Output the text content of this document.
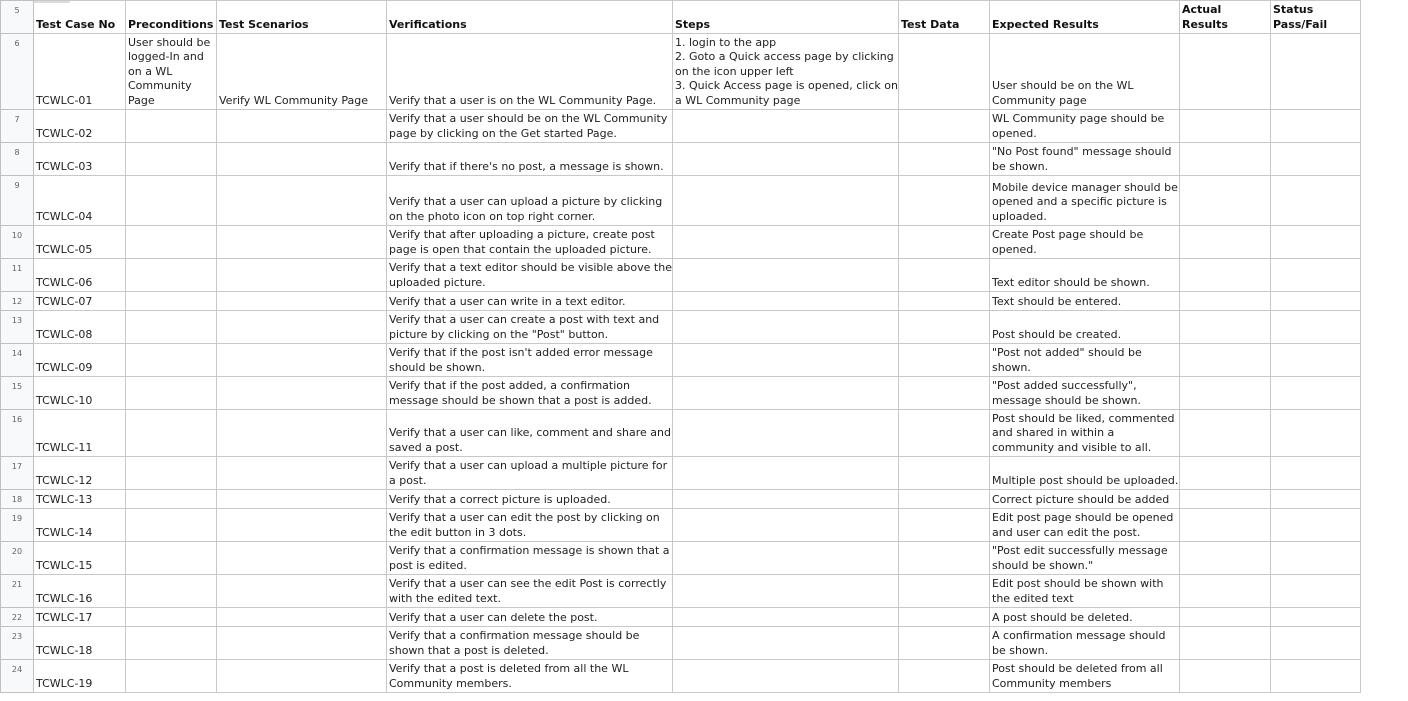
5	Test Case No	Preconditions	Test Scenarios	Verifications	Steps	Test Data	Expected Results	Actual Results	Status Pass/Fail
6	TCWLC-01	User should be logged-In and on a WL Community Page	Verify WL Community Page	Verify that a user is on the WL Community Page.	1. login to the app
2. Goto a Quick access page by clicking on the icon upper left
3. Quick Access page is opened, click on a WL Community page		User should be on the WL Community page		
7	TCWLC-02			Verify that a user should be on the WL Community page by clicking on the Get started Page.			WL Community page should be opened.		
8	TCWLC-03			Verify that if there's no post, a message is shown.			"No Post found" message should be shown.		
9	TCWLC-04			Verify that a user can upload a picture by clicking on the photo icon on top right corner.			Mobile device manager should be opened and a specific picture is uploaded.		
10	TCWLC-05			Verify that after uploading a picture, create post page is open that contain the uploaded picture.			Create Post page should be opened.		
11	TCWLC-06			Verify that a text editor should be visible above the uploaded picture.			Text editor should be shown.		
12	TCWLC-07			Verify that a user can write in a text editor.			Text should be entered.		
13	TCWLC-08			Verify that a user can create a post with text and picture by clicking on the "Post" button.			Post should be created.		
14	TCWLC-09			Verify that if the post isn't added error message should be shown.			"Post not added" should be shown.		
15	TCWLC-10			Verify that if the post added, a confirmation message should be shown that a post is added.			"Post added successfully", message should be shown.		
16	TCWLC-11			Verify that a user can like, comment and share and saved a post.			Post should be liked, commented and shared in within a community and visible to all.		
17	TCWLC-12			Verify that a user can upload a multiple picture for a post.			Multiple post should be uploaded.		
18	TCWLC-13			Verify that a correct picture is uploaded.			Correct picture should be added		
19	TCWLC-14			Verify that a user can edit the post by clicking on the edit button in 3 dots.			Edit post page should be opened and user can edit the post.		
20	TCWLC-15			Verify that a confirmation message is shown that a post is edited.			"Post edit successfully message should be shown."		
21	TCWLC-16			Verify that a user can see the edit Post is correctly with the edited text.			Edit post should be shown with the edited text		
22	TCWLC-17			Verify that a user can delete the post.			A post should be deleted.		
23	TCWLC-18			Verify that a confirmation message should be shown that a post is deleted.			A confirmation message should be shown.		
24	TCWLC-19			Verify that a post is deleted from all the WL Community members.			Post should be deleted from all Community members		
